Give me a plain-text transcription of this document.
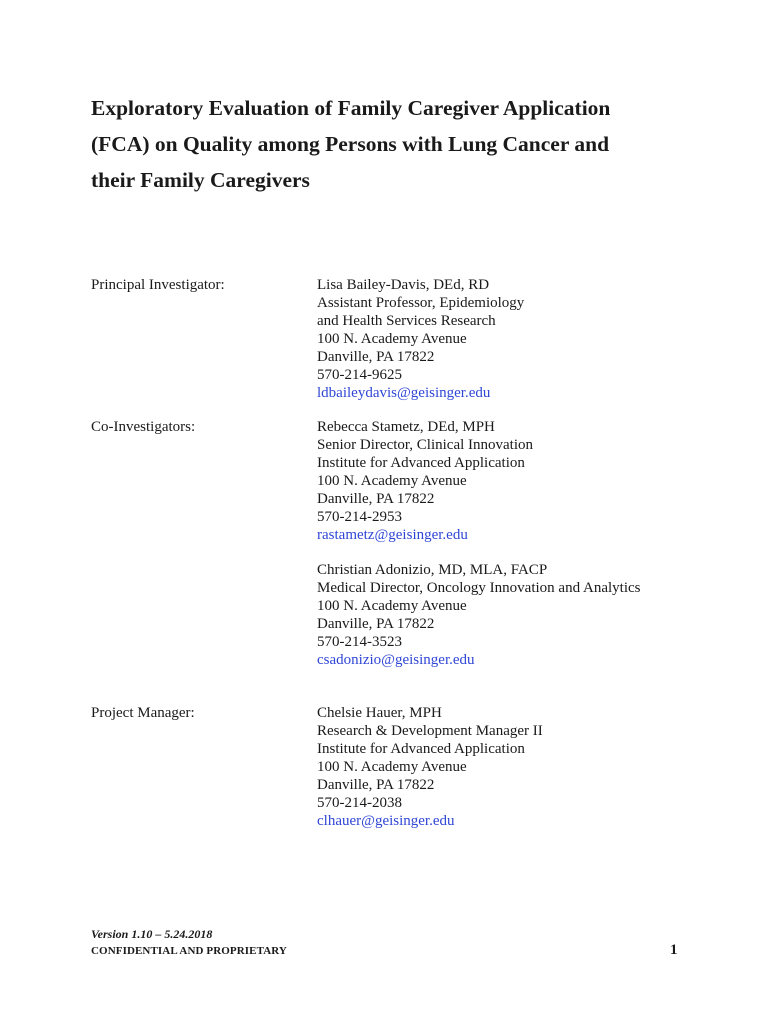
Exploratory Evaluation of Family Caregiver Application
(FCA) on Quality among Persons with Lung Cancer and
their Family Caregivers
Principal Investigator:	Lisa Bailey-Davis, DEd, RD
Assistant Professor, Epidemiology
and Health Services Research
100 N. Academy Avenue
Danville, PA 17822
570-214-9625
ldbaileydavis@geisinger.edu
Co-Investigators:	Rebecca Stametz, DEd, MPH
Senior Director, Clinical Innovation
Institute for Advanced Application
100 N. Academy Avenue
Danville, PA 17822
570-214-2953
rastametz@geisinger.edu
Christian Adonizio, MD, MLA, FACP
Medical Director, Oncology Innovation and Analytics
100 N. Academy Avenue
Danville, PA 17822
570-214-3523
csadonizio@geisinger.edu
Project Manager:	Chelsie Hauer, MPH
Research & Development Manager II
Institute for Advanced Application
100 N. Academy Avenue
Danville, PA 17822
570-214-2038
clhauer@geisinger.edu
Version 1.10 – 5.24.2018
CONFIDENTIAL AND PROPRIETARY	1
